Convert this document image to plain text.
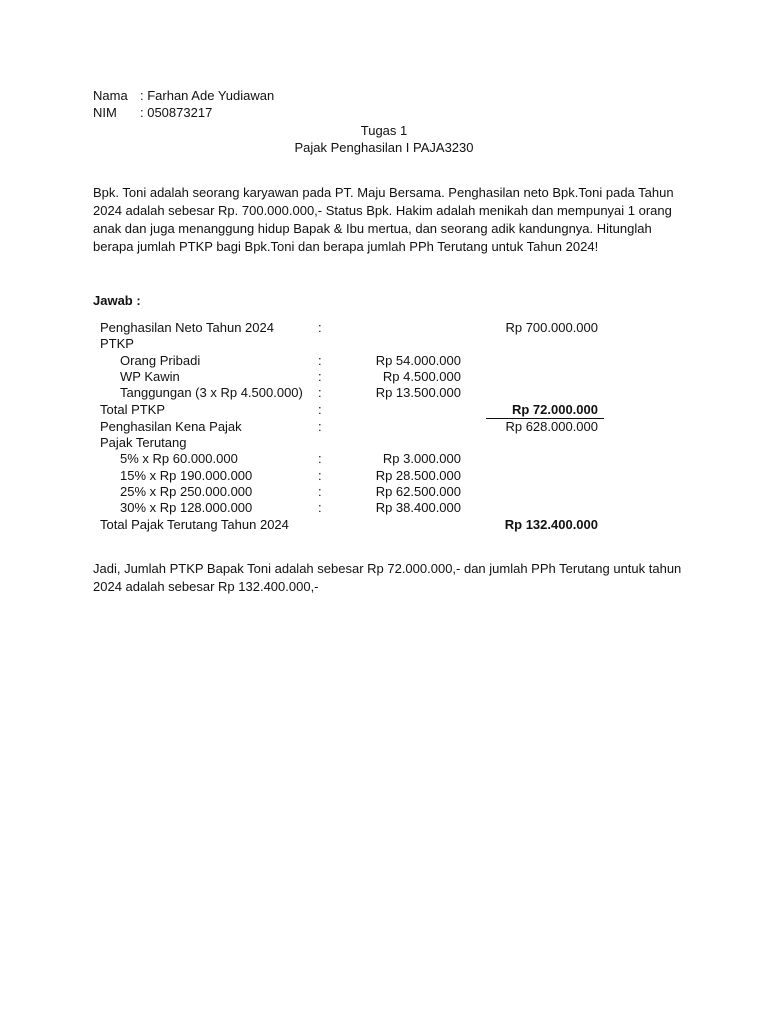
Nama : Farhan Ade Yudiawan
NIM : 050873217
Tugas 1
Pajak Penghasilan I PAJA3230
Bpk. Toni adalah seorang karyawan pada PT. Maju Bersama. Penghasilan neto Bpk.Toni pada Tahun
2024 adalah sebesar Rp. 700.000.000,- Status Bpk. Hakim adalah menikah dan mempunyai 1 orang
anak dan juga menanggung hidup Bapak & Ibu mertua, dan seorang adik kandungnya. Hitunglah
berapa jumlah PTKP bagi Bpk.Toni dan berapa jumlah PPh Terutang untuk Tahun 2024!
Jawab :
Penghasilan Neto Tahun 2024	:	Rp 700.000.000
PTKP
Orang Pribadi	:	Rp 54.000.000
WP Kawin	:	Rp 4.500.000
Tanggungan (3 x Rp 4.500.000) :	Rp 13.500.000
Total PTKP	:	Rp 72.000.000
Penghasilan Kena Pajak	:	Rp 628.000.000
Pajak Terutang
5% x Rp 60.000.000	:	Rp 3.000.000
15% x Rp 190.000.000	:	Rp 28.500.000
25% x Rp 250.000.000	:	Rp 62.500.000
30% x Rp 128.000.000	:	Rp 38.400.000
Total Pajak Terutang Tahun 2024	Rp 132.400.000
Jadi, Jumlah PTKP Bapak Toni adalah sebesar Rp 72.000.000,- dan jumlah PPh Terutang untuk tahun
2024 adalah sebesar Rp 132.400.000,-
